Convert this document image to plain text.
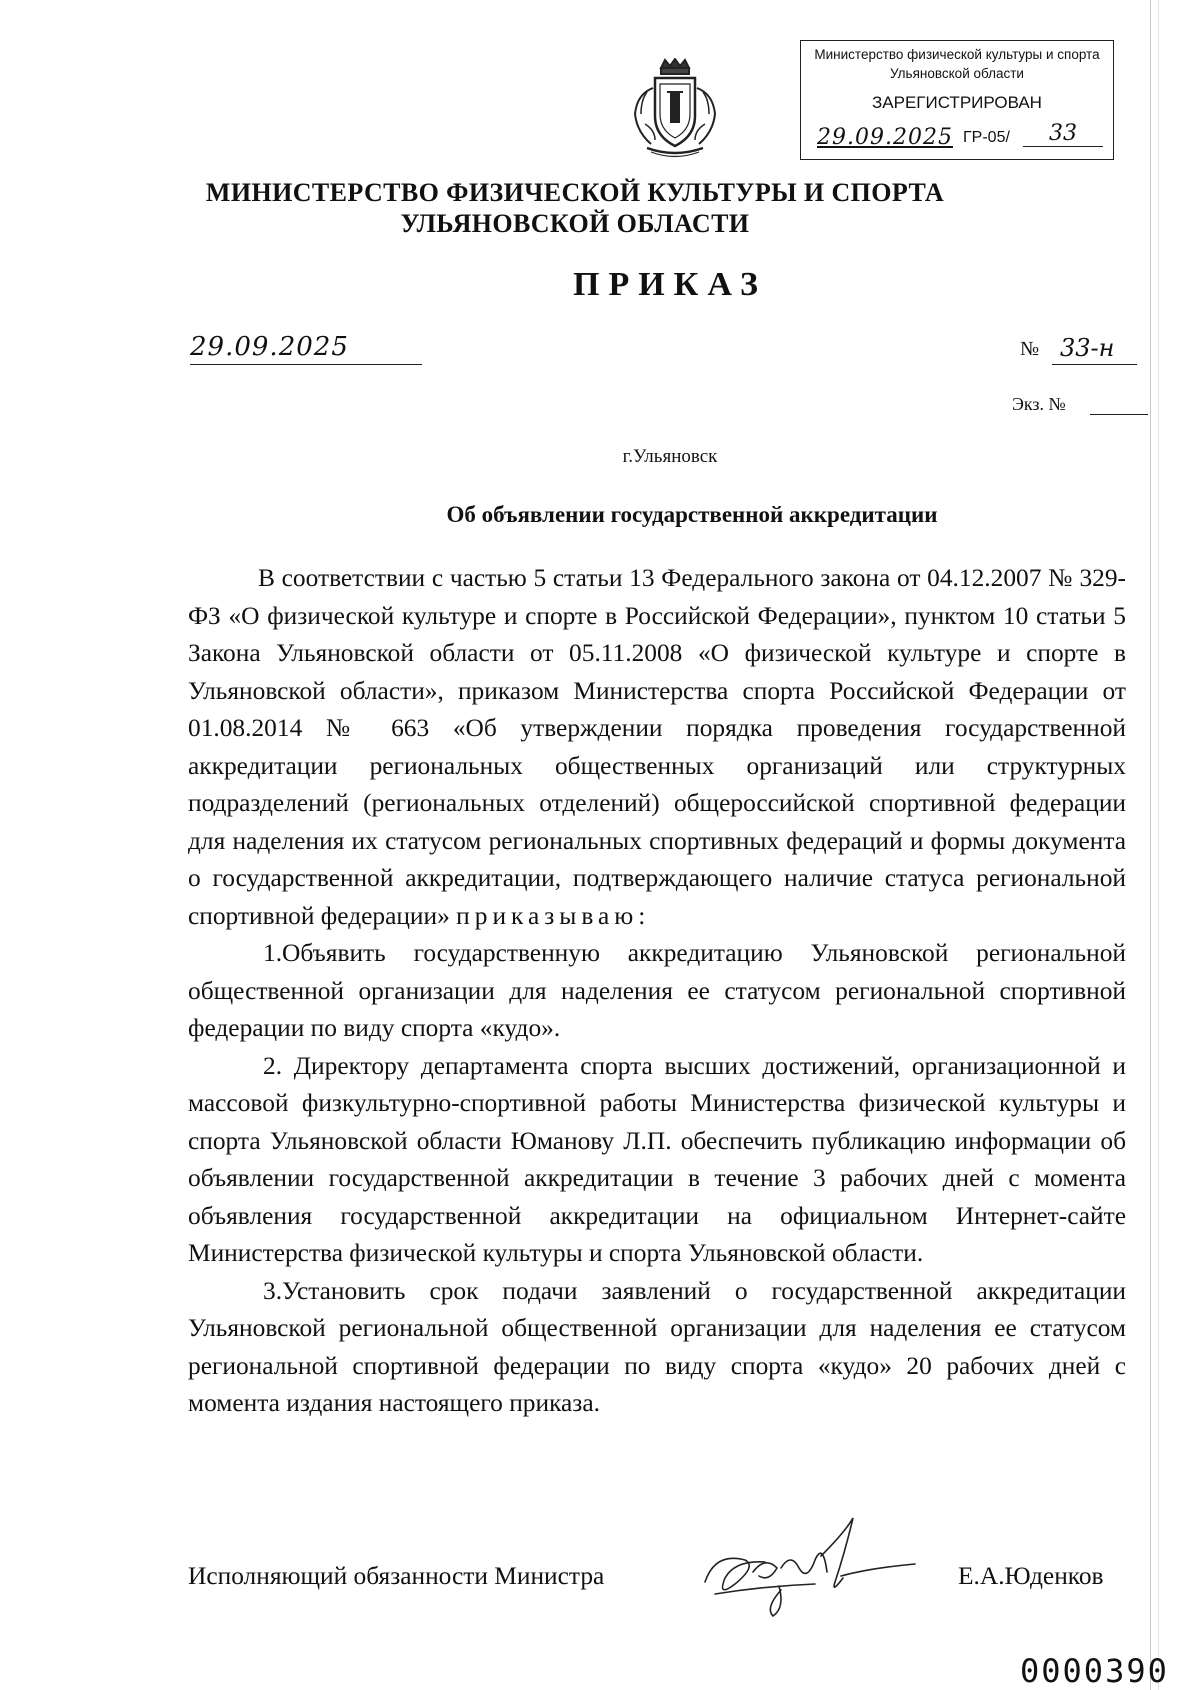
Министерство физической культуры и спорта
Ульяновской области
ЗАРЕГИСТРИРОВАН
29.09.2025 ГР-05/	33
МИНИСТЕРСТВО ФИЗИЧЕСКОЙ КУЛЬТУРЫ И СПОРТА
УЛЬЯНОВСКОЙ ОБЛАСТИ
ПРИКАЗ
29.09.2025	№ 33-н
Экз. №
г.Ульяновск
Об объявлении государственной аккредитации

В соответствии с частью 5 статьи 13 Федерального закона от 04.12.2007 № 329-ФЗ «О физической культуре и спорте в Российской Федерации», пунктом 10 статьи 5 Закона Ульяновской области от 05.11.2008 «О физической культуре и спорте в Ульяновской области», приказом Министерства спорта Российской Федерации от 01.08.2014 № 663 «Об утверждении порядка проведения государственной аккредитации региональных общественных организаций или структурных подразделений (региональных отделений) общероссийской спортивной федерации для наделения их статусом региональных спортивных федераций и формы документа о государственной аккредитации, подтверждающего наличие статуса региональной спортивной федерации» приказываю:

1.Объявить государственную аккредитацию Ульяновской региональной общественной организации для наделения ее статусом региональной спортивной федерации по виду спорта «кудо».

2. Директору департамента спорта высших достижений, организационной и массовой физкультурно-спортивной работы Министерства физической культуры и спорта Ульяновской области Юманову Л.П. обеспечить публикацию информации об объявлении государственной аккредитации в течение 3 рабочих дней с момента объявления государственной аккредитации на официальном Интернет-сайте Министерства физической культуры и спорта Ульяновской области.

3.Установить срок подачи заявлений о государственной аккредитации Ульяновской региональной общественной организации для наделения ее статусом региональной спортивной федерации по виду спорта «кудо» 20 рабочих дней с момента издания настоящего приказа.

Исполняющий обязанности Министра	Е.А.Юденков
0000390
